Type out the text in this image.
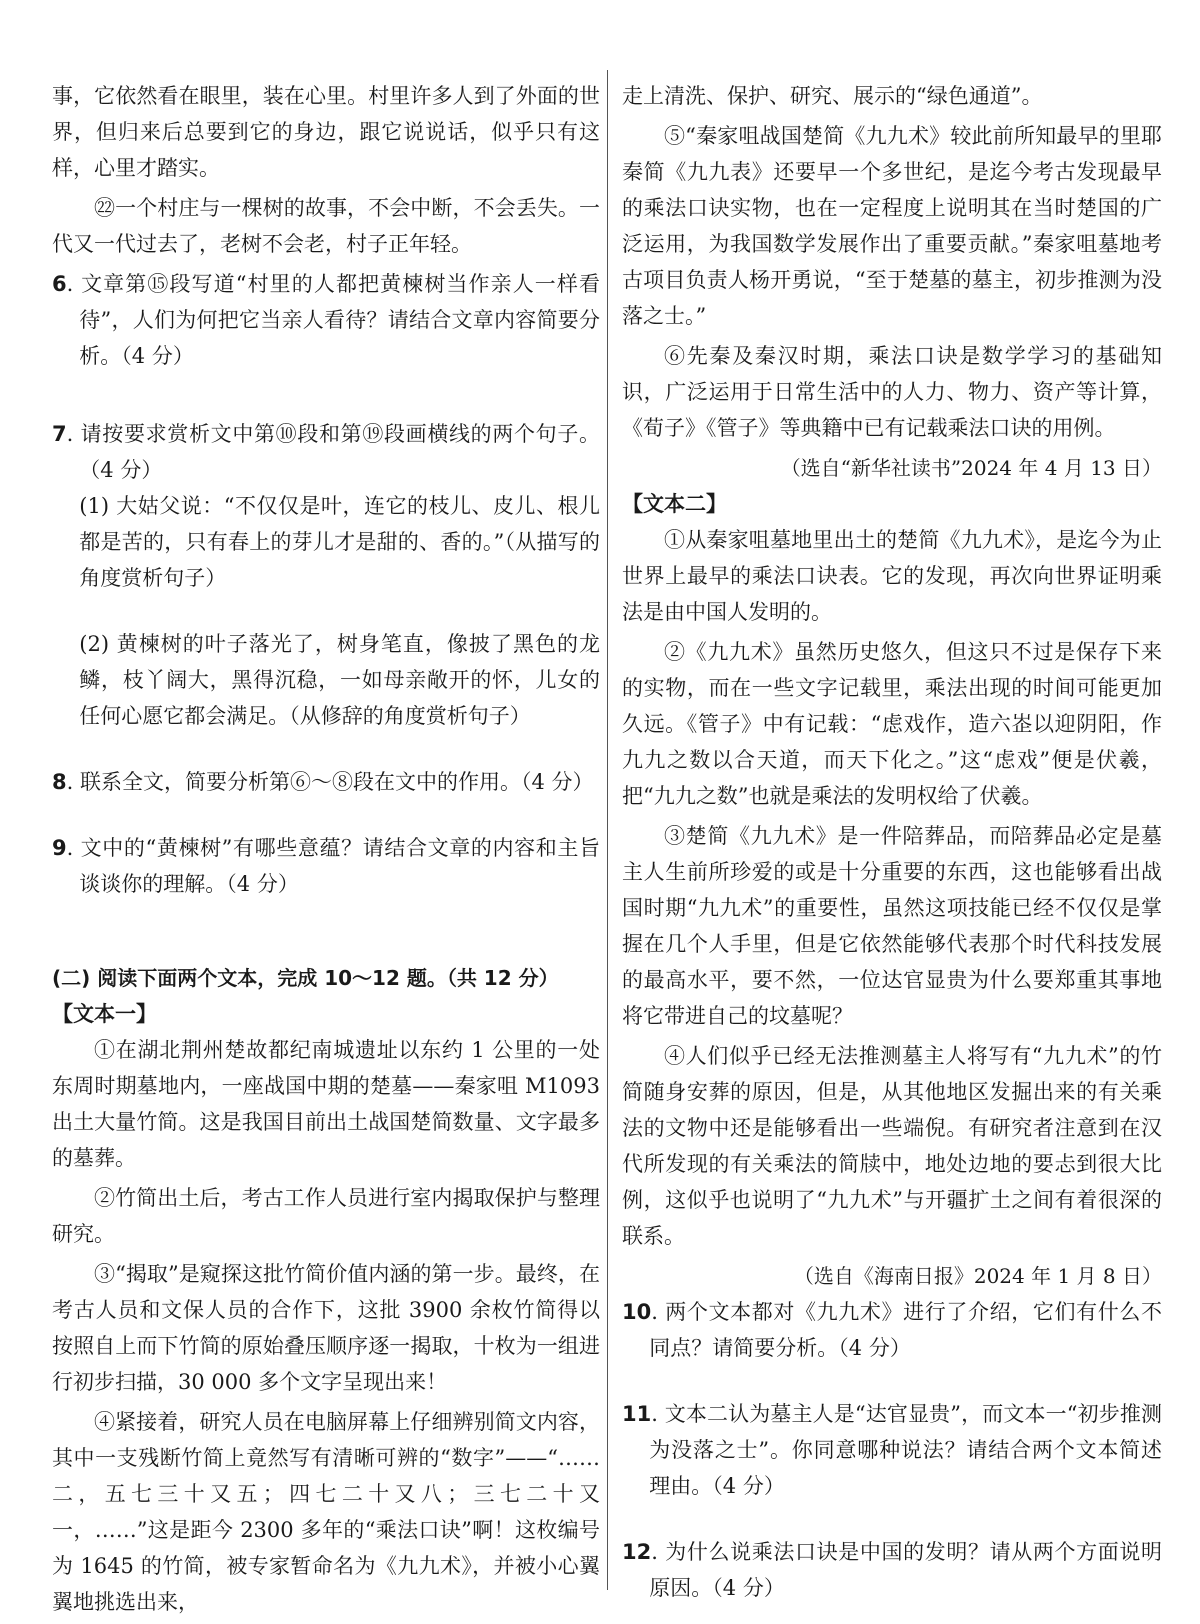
事，它依然看在眼里，装在心里。村里许多人到了外面的世界，但归来后总要到它的身边，跟它说说话，似乎只有这样，心里才踏实。

㉒一个村庄与一棵树的故事，不会中断，不会丢失。一代又一代过去了，老树不会老，村子正年轻。

6. 文章第⑮段写道“村里的人都把黄楝树当作亲人一样看待”，人们为何把它当亲人看待？请结合文章内容简要分析。（4 分）

7. 请按要求赏析文中第⑩段和第⑲段画横线的两个句子。（4 分）

(1) 大姑父说：“不仅仅是叶，连它的枝儿、皮儿、根儿都是苦的，只有春上的芽儿才是甜的、香的。”（从描写的角度赏析句子）

(2) 黄楝树的叶子落光了，树身笔直，像披了黑色的龙鳞，枝丫阔大，黑得沉稳，一如母亲敞开的怀，儿女的任何心愿它都会满足。（从修辞的角度赏析句子）

8. 联系全文，简要分析第⑥～⑧段在文中的作用。（4 分）

9. 文中的“黄楝树”有哪些意蕴？请结合文章的内容和主旨谈谈你的理解。（4 分）

(二) 阅读下面两个文本，完成 10～12 题。（共 12 分）

【文本一】

①在湖北荆州楚故都纪南城遗址以东约 1 公里的一处东周时期墓地内，一座战国中期的楚墓——秦家咀 M1093 出土大量竹简。这是我国目前出土战国楚简数量、文字最多的墓葬。

②竹简出土后，考古工作人员进行室内揭取保护与整理研究。

③“揭取”是窥探这批竹简价值内涵的第一步。最终，在考古人员和文保人员的合作下，这批 3900 余枚竹简得以按照自上而下竹简的原始叠压顺序逐一揭取，十枚为一组进行初步扫描，30 000 多个文字呈现出来！

④紧接着，研究人员在电脑屏幕上仔细辨别简文内容，其中一支残断竹简上竟然写有清晰可辨的“数字”——“……二，五七三十又五；四七二十又八；三七二十又一，……”这是距今 2300 多年的“乘法口诀”啊！这枚编号为 1645 的竹简，被专家暂命名为《九九术》，并被小心翼翼地挑选出来，

走上清洗、保护、研究、展示的“绿色通道”。

⑤“秦家咀战国楚简《九九术》较此前所知最早的里耶秦简《九九表》还要早一个多世纪，是迄今考古发现最早的乘法口诀实物，也在一定程度上说明其在当时楚国的广泛运用，为我国数学发展作出了重要贡献。”秦家咀墓地考古项目负责人杨开勇说，“至于楚墓的墓主，初步推测为没落之士。”

⑥先秦及秦汉时期，乘法口诀是数学学习的基础知识，广泛运用于日常生活中的人力、物力、资产等计算，《荀子》《管子》等典籍中已有记载乘法口诀的用例。

（选自“新华社读书”2024 年 4 月 13 日）

【文本二】

①从秦家咀墓地里出土的楚简《九九术》，是迄今为止世界上最早的乘法口诀表。它的发现，再次向世界证明乘法是由中国人发明的。

②《九九术》虽然历史悠久，但这只不过是保存下来的实物，而在一些文字记载里，乘法出现的时间可能更加久远。《管子》中有记载：“虑戏作，造六峜以迎阴阳，作九九之数以合天道，而天下化之。”这“虑戏”便是伏羲，把“九九之数”也就是乘法的发明权给了伏羲。

③楚简《九九术》是一件陪葬品，而陪葬品必定是墓主人生前所珍爱的或是十分重要的东西，这也能够看出战国时期“九九术”的重要性，虽然这项技能已经不仅仅是掌握在几个人手里，但是它依然能够代表那个时代科技发展的最高水平，要不然，一位达官显贵为什么要郑重其事地将它带进自己的坟墓呢？

④人们似乎已经无法推测墓主人将写有“九九术”的竹简随身安葬的原因，但是，从其他地区发掘出来的有关乘法的文物中还是能够看出一些端倪。有研究者注意到在汉代所发现的有关乘法的简牍中，地处边地的要忐到很大比例，这似乎也说明了“九九术”与开疆扩土之间有着很深的联系。

（选自《海南日报》2024 年 1 月 8 日）

10. 两个文本都对《九九术》进行了介绍，它们有什么不同点？请简要分析。（4 分）

11. 文本二认为墓主人是“达官显贵”，而文本一“初步推测为没落之士”。你同意哪种说法？请结合两个文本简述理由。（4 分）

12. 为什么说乘法口诀是中国的发明？请从两个方面说明原因。（4 分）
